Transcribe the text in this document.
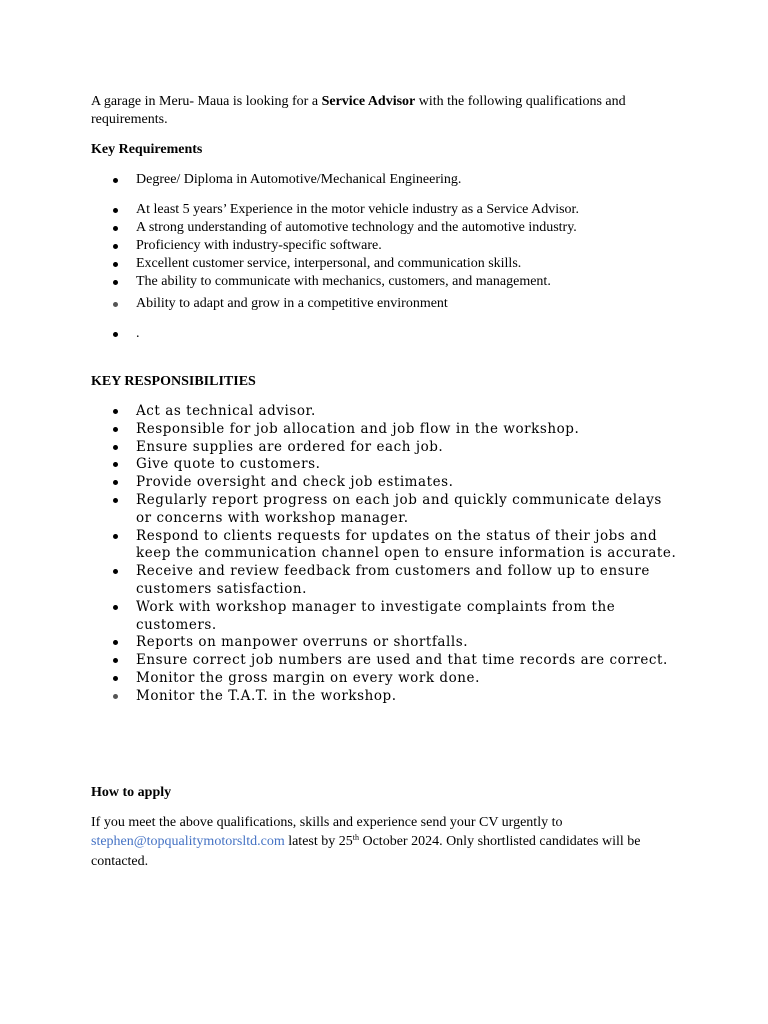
A garage in Meru- Maua is looking for a Service Advisor with the following qualifications and requirements.

Key Requirements

Degree/ Diploma in Automotive/Mechanical Engineering.
At least 5 years’ Experience in the motor vehicle industry as a Service Advisor.
A strong understanding of automotive technology and the automotive industry.
Proficiency with industry-specific software.
Excellent customer service, interpersonal, and communication skills.
The ability to communicate with mechanics, customers, and management.
Ability to adapt and grow in a competitive environment
.

KEY RESPONSIBILITIES

Act as technical advisor.
Responsible for job allocation and job flow in the workshop.
Ensure supplies are ordered for each job.
Give quote to customers.
Provide oversight and check job estimates.
Regularly report progress on each job and quickly communicate delays or concerns with workshop manager.
Respond to clients requests for updates on the status of their jobs and keep the communication channel open to ensure information is accurate.
Receive and review feedback from customers and follow up to ensure customers satisfaction.
Work with workshop manager to investigate complaints from the customers.
Reports on manpower overruns or shortfalls.
Ensure correct job numbers are used and that time records are correct.
Monitor the gross margin on every work done.
Monitor the T.A.T. in the workshop.

How to apply

If you meet the above qualifications, skills and experience send your CV urgently to stephen@topqualitymotorsltd.com latest by 25th October 2024. Only shortlisted candidates will be contacted.
